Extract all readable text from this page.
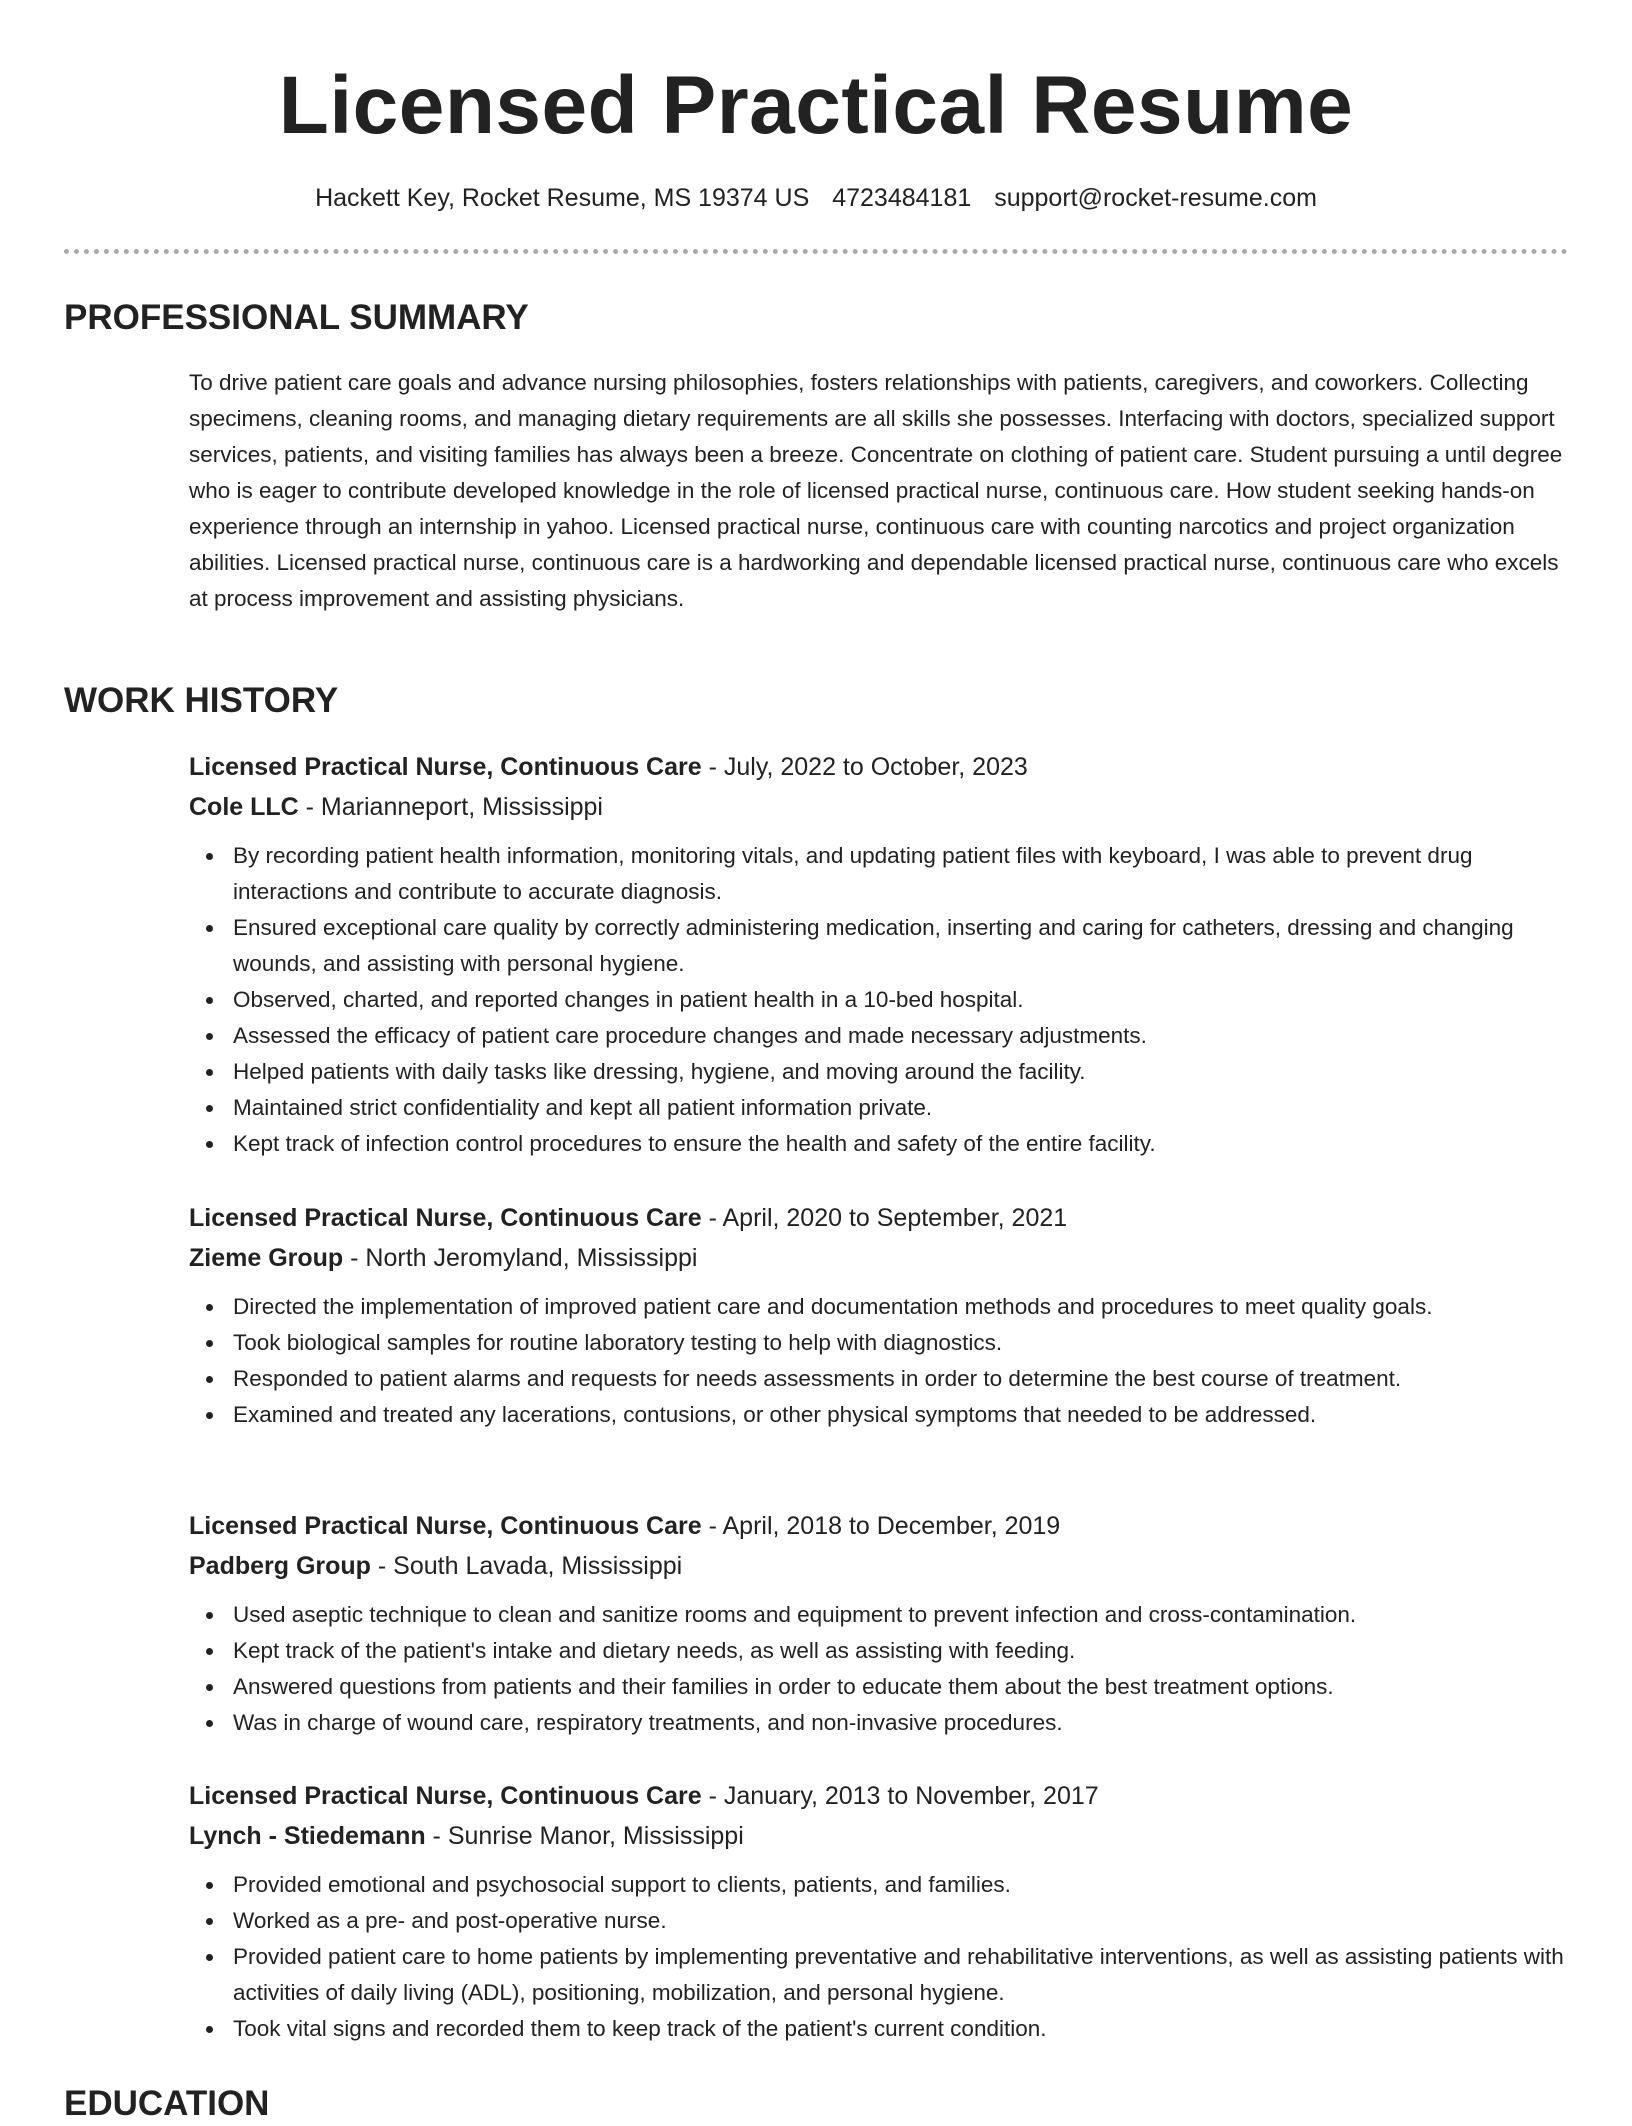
Licensed Practical Resume
Hackett Key, Rocket Resume, MS 19374 US 4723484181 support@rocket-resume.com
PROFESSIONAL SUMMARY

To drive patient care goals and advance nursing philosophies, fosters relationships with patients, caregivers, and coworkers. Collecting specimens, cleaning rooms, and managing dietary requirements are all skills she possesses. Interfacing with doctors, specialized support services, patients, and visiting families has always been a breeze. Concentrate on clothing of patient care. Student pursuing a until degree who is eager to contribute developed knowledge in the role of licensed practical nurse, continuous care. How student seeking hands-on experience through an internship in yahoo. Licensed practical nurse, continuous care with counting narcotics and project organization abilities. Licensed practical nurse, continuous care is a hardworking and dependable licensed practical nurse, continuous care who excels at process improvement and assisting physicians.

WORK HISTORY
Licensed Practical Nurse, Continuous Care - July, 2022 to October, 2023
Cole LLC - Marianneport, Mississippi
By recording patient health information, monitoring vitals, and updating patient files with keyboard, I was able to prevent drug interactions and contribute to accurate diagnosis.
Ensured exceptional care quality by correctly administering medication, inserting and caring for catheters, dressing and changing wounds, and assisting with personal hygiene.
Observed, charted, and reported changes in patient health in a 10-bed hospital.
Assessed the efficacy of patient care procedure changes and made necessary adjustments.
Helped patients with daily tasks like dressing, hygiene, and moving around the facility.
Maintained strict confidentiality and kept all patient information private.
Kept track of infection control procedures to ensure the health and safety of the entire facility.
Licensed Practical Nurse, Continuous Care - April, 2020 to September, 2021
Zieme Group - North Jeromyland, Mississippi
Directed the implementation of improved patient care and documentation methods and procedures to meet quality goals.
Took biological samples for routine laboratory testing to help with diagnostics.
Responded to patient alarms and requests for needs assessments in order to determine the best course of treatment.
Examined and treated any lacerations, contusions, or other physical symptoms that needed to be addressed.
Licensed Practical Nurse, Continuous Care - April, 2018 to December, 2019
Padberg Group - South Lavada, Mississippi
Used aseptic technique to clean and sanitize rooms and equipment to prevent infection and cross-contamination.
Kept track of the patient's intake and dietary needs, as well as assisting with feeding.
Answered questions from patients and their families in order to educate them about the best treatment options.
Was in charge of wound care, respiratory treatments, and non-invasive procedures.
Licensed Practical Nurse, Continuous Care - January, 2013 to November, 2017
Lynch - Stiedemann - Sunrise Manor, Mississippi
Provided emotional and psychosocial support to clients, patients, and families.
Worked as a pre- and post-operative nurse.
Provided patient care to home patients by implementing preventative and rehabilitative interventions, as well as assisting patients with activities of daily living (ADL), positioning, mobilization, and personal hygiene.
Took vital signs and recorded them to keep track of the patient's current condition.
EDUCATION
